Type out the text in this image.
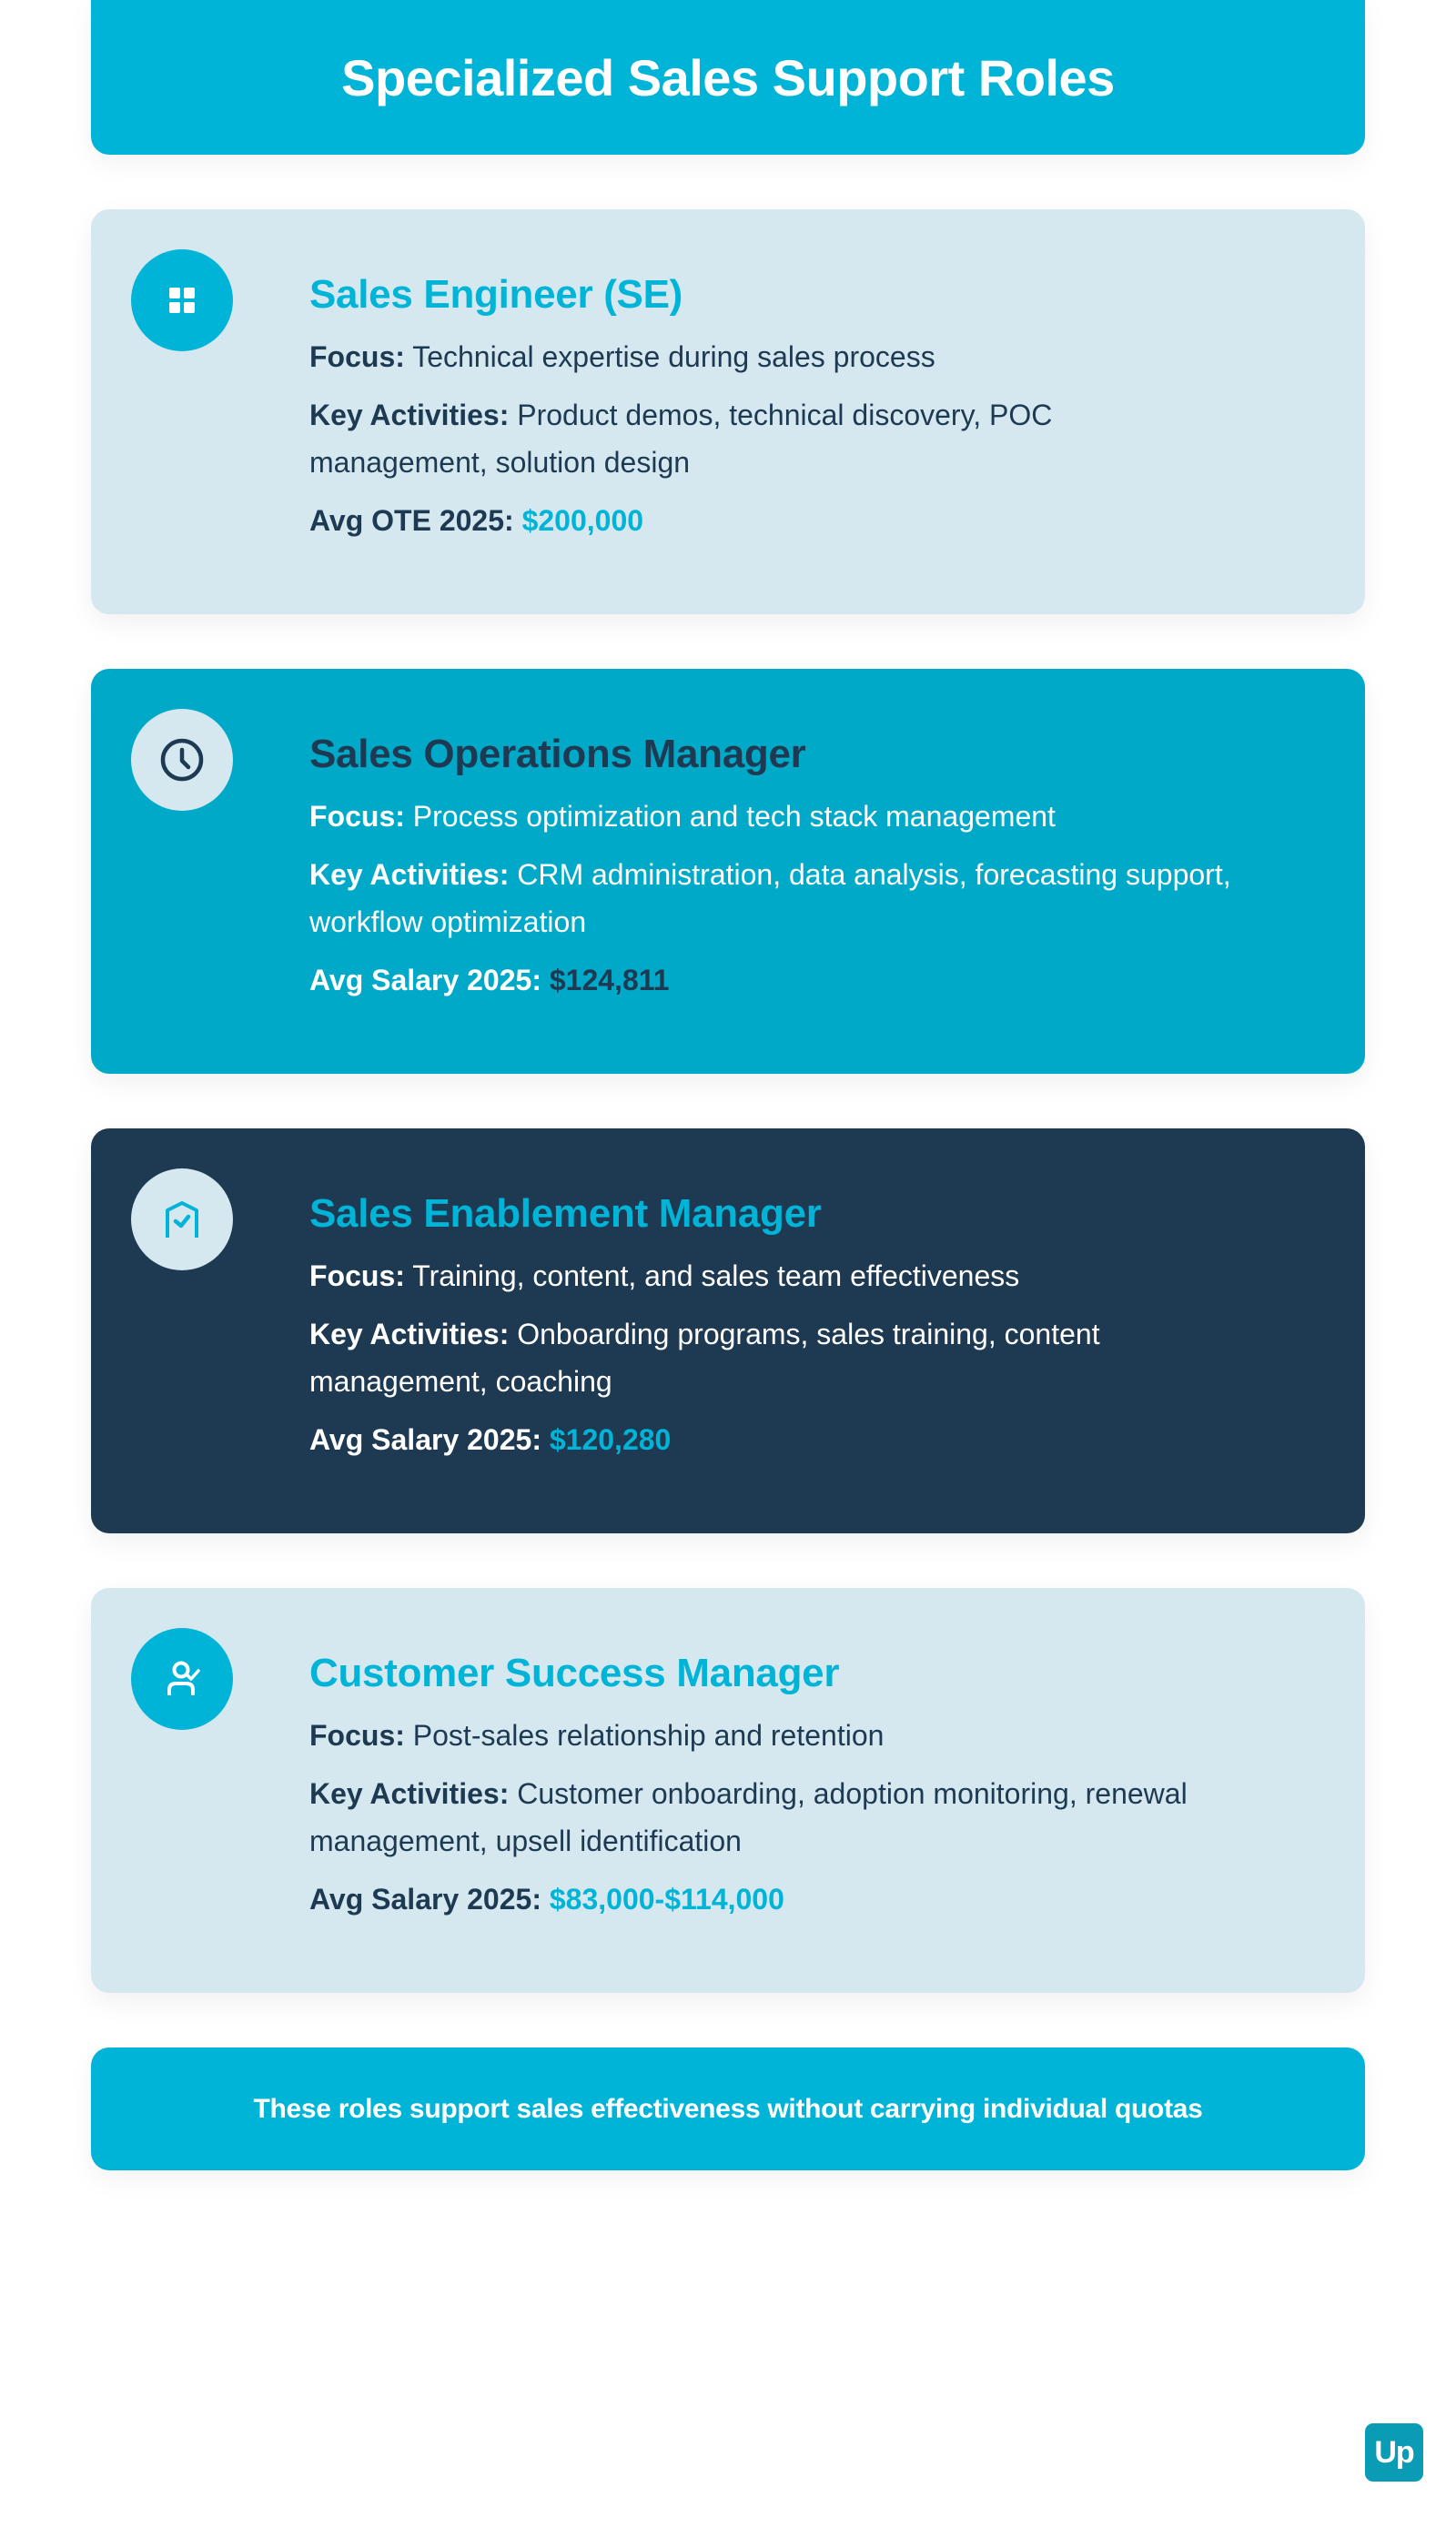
Specialized Sales Support Roles
Sales Engineer (SE)

Focus: Technical expertise during sales process

Key Activities: Product demos, technical discovery, POC management, solution design

Avg OTE 2025: $200,000

Sales Operations Manager

Focus: Process optimization and tech stack management

Key Activities: CRM administration, data analysis, forecasting support, workflow optimization

Avg Salary 2025: $124,811

Sales Enablement Manager

Focus: Training, content, and sales team effectiveness

Key Activities: Onboarding programs, sales training, content management, coaching

Avg Salary 2025: $120,280

Customer Success Manager

Focus: Post-sales relationship and retention

Key Activities: Customer onboarding, adoption monitoring, renewal management, upsell identification

Avg Salary 2025: $83,000-$114,000

These roles support sales effectiveness without carrying individual quotas

Up
